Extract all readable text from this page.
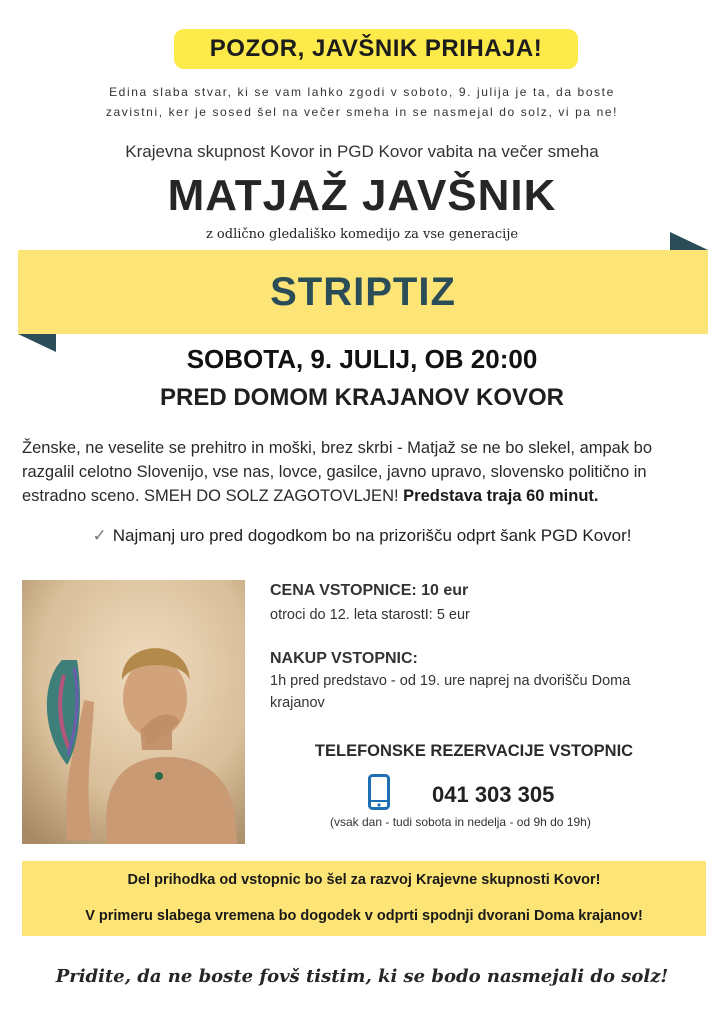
POZOR, JAVŠNIK PRIHAJA!
Edina slaba stvar, ki se vam lahko zgodi v soboto, 9. julija je ta, da boste
zavistni, ker je sosed šel na večer smeha in se nasmejal do solz, vi pa ne!
Krajevna skupnost Kovor in PGD Kovor vabita na večer smeha
MATJAŽ JAVŠNIK
z odlično gledališko komedijo za vse generacije
STRIPTIZ
SOBOTA, 9. JULIJ, OB 20:00
PRED DOMOM KRAJANOV KOVOR
Ženske, ne veselite se prehitro in moški, brez skrbi - Matjaž se ne bo slekel, ampak bo razgalil celotno Slovenijo, vse nas, lovce, gasilce, javno upravo, slovensko politično in estradno sceno. SMEH DO SOLZ ZAGOTOVLJEN! Predstava traja 60 minut.
✓ Najmanj uro pred dogodkom bo na prizorišču odprt šank PGD Kovor!
CENA VSTOPNICE: 10 eur
otroci do 12. leta starostI: 5 eur
NAKUP VSTOPNIC:
1h pred predstavo - od 19. ure naprej na dvorišču Doma
krajanov
TELEFONSKE REZERVACIJE VSTOPNIC
041 303 305
(vsak dan - tudi sobota in nedelja - od 9h do 19h)
Del prihodka od vstopnic bo šel za razvoj Krajevne skupnosti Kovor!
V primeru slabega vremena bo dogodek v odprti spodnji dvorani Doma krajanov!
Pridite, da ne boste fovš tistim, ki se bodo nasmejali do solz!
